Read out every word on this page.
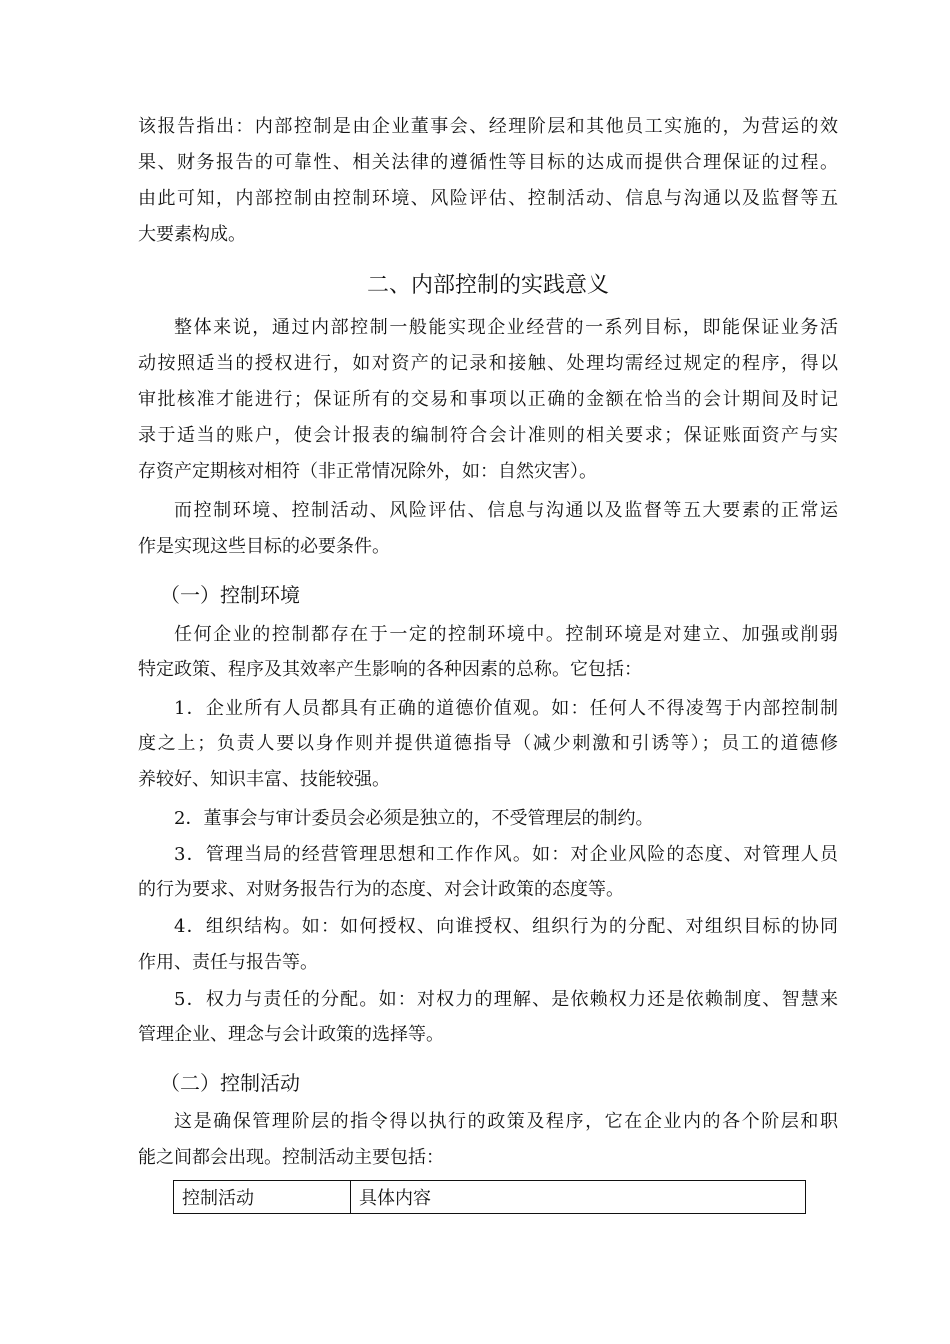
该报告指出：内部控制是由企业董事会、经理阶层和其他员工实施的，为营运的效
果、财务报告的可靠性、相关法律的遵循性等目标的达成而提供合理保证的过程。
由此可知，内部控制由控制环境、风险评估、控制活动、信息与沟通以及监督等五
大要素构成。
二、内部控制的实践意义
整体来说，通过内部控制一般能实现企业经营的一系列目标，即能保证业务活
动按照适当的授权进行，如对资产的记录和接触、处理均需经过规定的程序，得以
审批核准才能进行；保证所有的交易和事项以正确的金额在恰当的会计期间及时记
录于适当的账户，使会计报表的编制符合会计准则的相关要求；保证账面资产与实
存资产定期核对相符（非正常情况除外，如：自然灾害）。
而控制环境、控制活动、风险评估、信息与沟通以及监督等五大要素的正常运
作是实现这些目标的必要条件。
（一）控制环境
任何企业的控制都存在于一定的控制环境中。控制环境是对建立、加强或削弱
特定政策、程序及其效率产生影响的各种因素的总称。它包括：
1．企业所有人员都具有正确的道德价值观。如：任何人不得凌驾于内部控制制
度之上；负责人要以身作则并提供道德指导（减少刺激和引诱等）；员工的道德修
养较好、知识丰富、技能较强。
2．董事会与审计委员会必须是独立的，不受管理层的制约。
3．管理当局的经营管理思想和工作作风。如：对企业风险的态度、对管理人员
的行为要求、对财务报告行为的态度、对会计政策的态度等。
4．组织结构。如：如何授权、向谁授权、组织行为的分配、对组织目标的协同
作用、责任与报告等。
5．权力与责任的分配。如：对权力的理解、是依赖权力还是依赖制度、智慧来
管理企业、理念与会计政策的选择等。
（二）控制活动
这是确保管理阶层的指令得以执行的政策及程序，它在企业内的各个阶层和职
能之间都会出现。控制活动主要包括：
控制活动	具体内容
